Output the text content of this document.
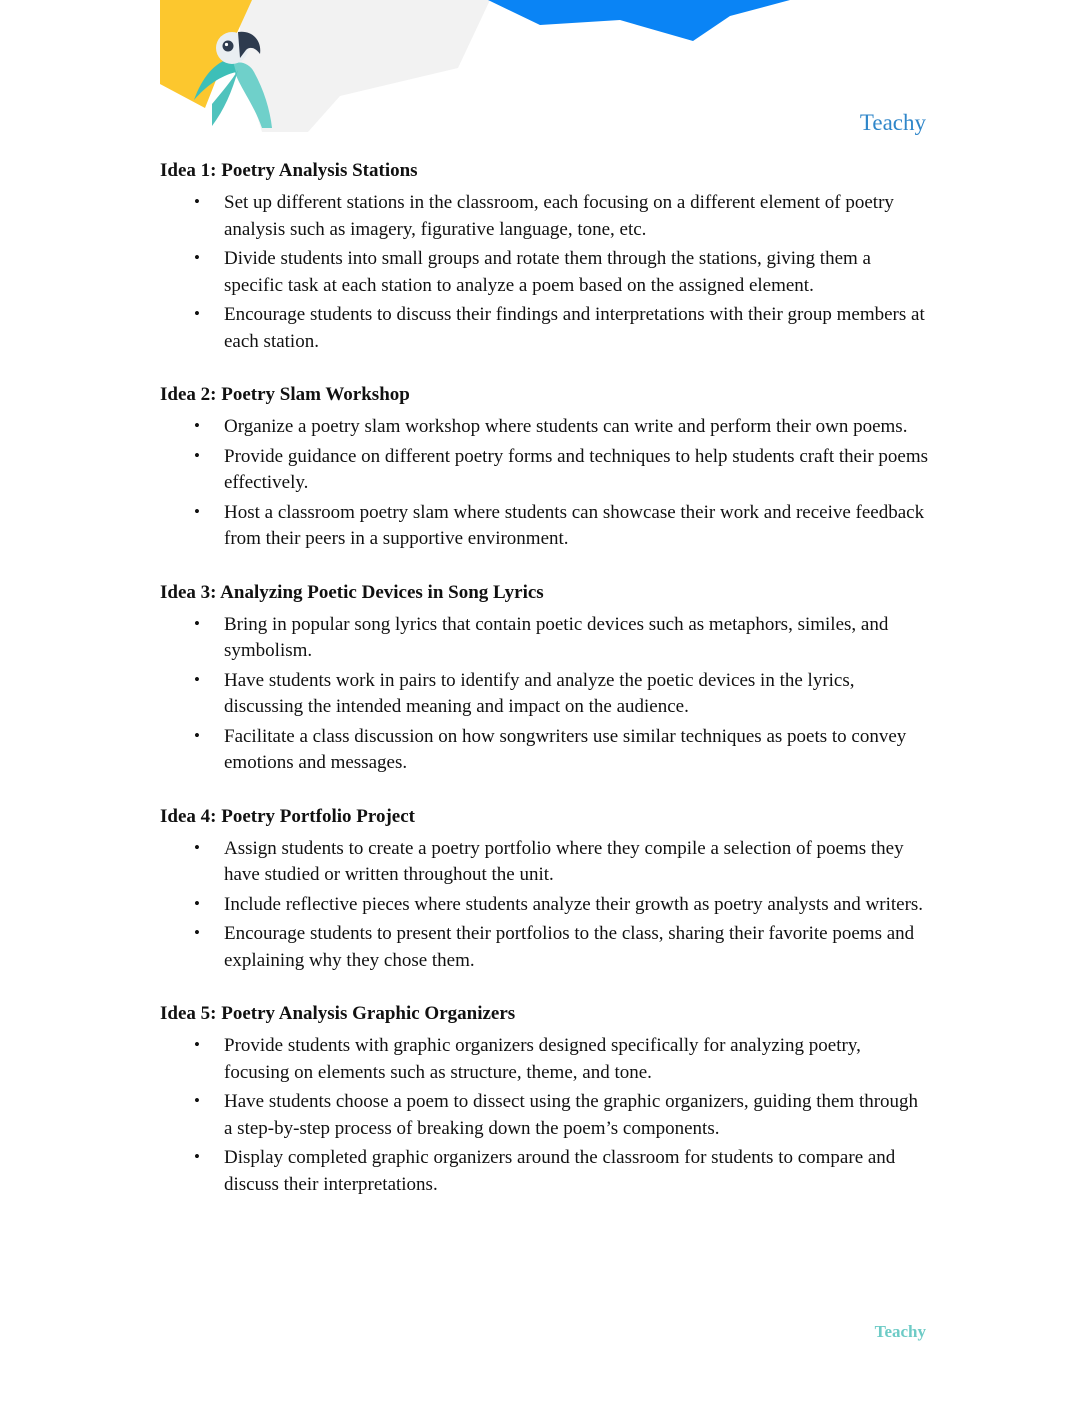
Teachy
Idea 1: Poetry Analysis Stations
• Set up different stations in the classroom, each focusing on a different element of poetry analysis such as imagery, figurative language, tone, etc.
• Divide students into small groups and rotate them through the stations, giving them a specific task at each station to analyze a poem based on the assigned element.
• Encourage students to discuss their findings and interpretations with their group members at each station.
Idea 2: Poetry Slam Workshop
• Organize a poetry slam workshop where students can write and perform their own poems.
• Provide guidance on different poetry forms and techniques to help students craft their poems effectively.
• Host a classroom poetry slam where students can showcase their work and receive feedback from their peers in a supportive environment.
Idea 3: Analyzing Poetic Devices in Song Lyrics
• Bring in popular song lyrics that contain poetic devices such as metaphors, similes, and symbolism.
• Have students work in pairs to identify and analyze the poetic devices in the lyrics, discussing the intended meaning and impact on the audience.
• Facilitate a class discussion on how songwriters use similar techniques as poets to convey emotions and messages.
Idea 4: Poetry Portfolio Project
• Assign students to create a poetry portfolio where they compile a selection of poems they have studied or written throughout the unit.
• Include reflective pieces where students analyze their growth as poetry analysts and writers.
• Encourage students to present their portfolios to the class, sharing their favorite poems and explaining why they chose them.
Idea 5: Poetry Analysis Graphic Organizers
• Provide students with graphic organizers designed specifically for analyzing poetry, focusing on elements such as structure, theme, and tone.
• Have students choose a poem to dissect using the graphic organizers, guiding them through a step-by-step process of breaking down the poem’s components.
• Display completed graphic organizers around the classroom for students to compare and discuss their interpretations.
Teachy
